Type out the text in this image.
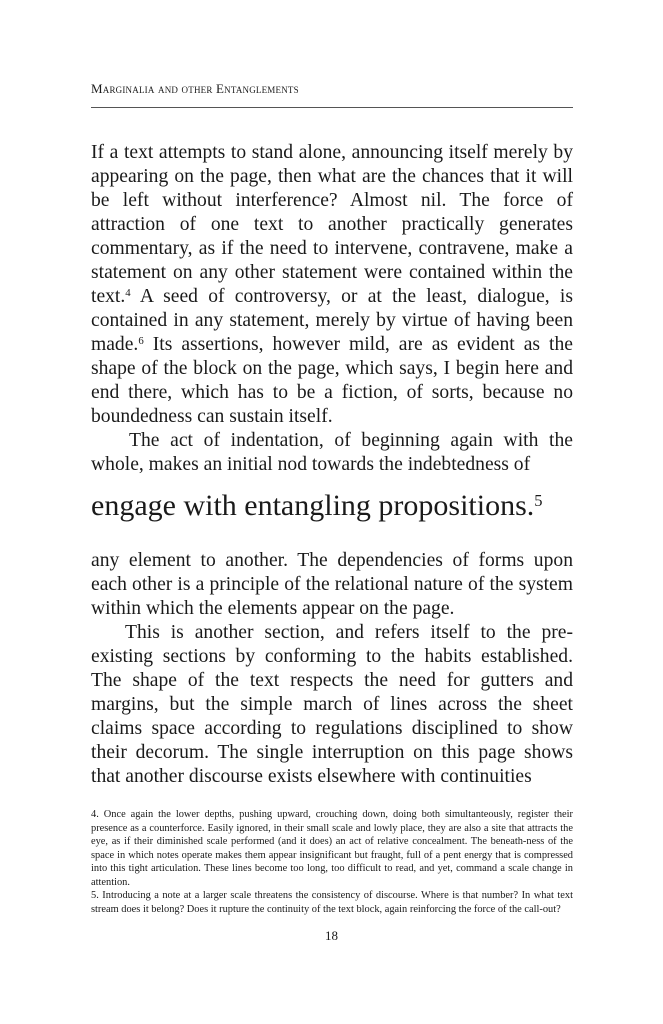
Marginalia and other Entanglements

If a text attempts to stand alone, announcing itself merely by appearing on the page, then what are the chances that it will be left without interference? Almost nil. The force of attraction of one text to another practically generates commentary, as if the need to intervene, contravene, make a statement on any other statement were contained within the text.$^4$ A seed of controversy, or at the least, dialogue, is contained in any statement, merely by virtue of having been made.$^6$ Its assertions, however mild, are as evident as the shape of the block on the page, which says, I begin here and end there, which has to be a fiction, of sorts, because no boundedness can sustain itself.

The act of indentation, of beginning again with the whole, makes an initial nod towards the indebtedness of

engage with entangling propositions.$^5$

any element to another. The dependencies of forms upon each other is a principle of the relational nature of the system within which the elements appear on the page.

This is another section, and refers itself to the pre-existing sections by conforming to the habits established. The shape of the text respects the need for gutters and margins, but the simple march of lines across the sheet claims space according to regulations disciplined to show their decorum. The single interruption on this page shows that another discourse exists elsewhere with continuities

4. Once again the lower depths, pushing upward, crouching down, doing both simultanteously, register their presence as a counterforce. Easily ignored, in their small scale and lowly place, they are also a site that attracts the eye, as if their diminished scale performed (and it does) an act of relative concealment. The beneath-ness of the space in which notes operate makes them appear insignificant but fraught, full of a pent energy that is compressed into this tight articulation. These lines become too long, too difficult to read, and yet, command a scale change in attention.

5. Introducing a note at a larger scale threatens the consistency of discourse. Where is that number? In what text stream does it belong? Does it rupture the continuity of the text block, again reinforcing the force of the call-out?

18
